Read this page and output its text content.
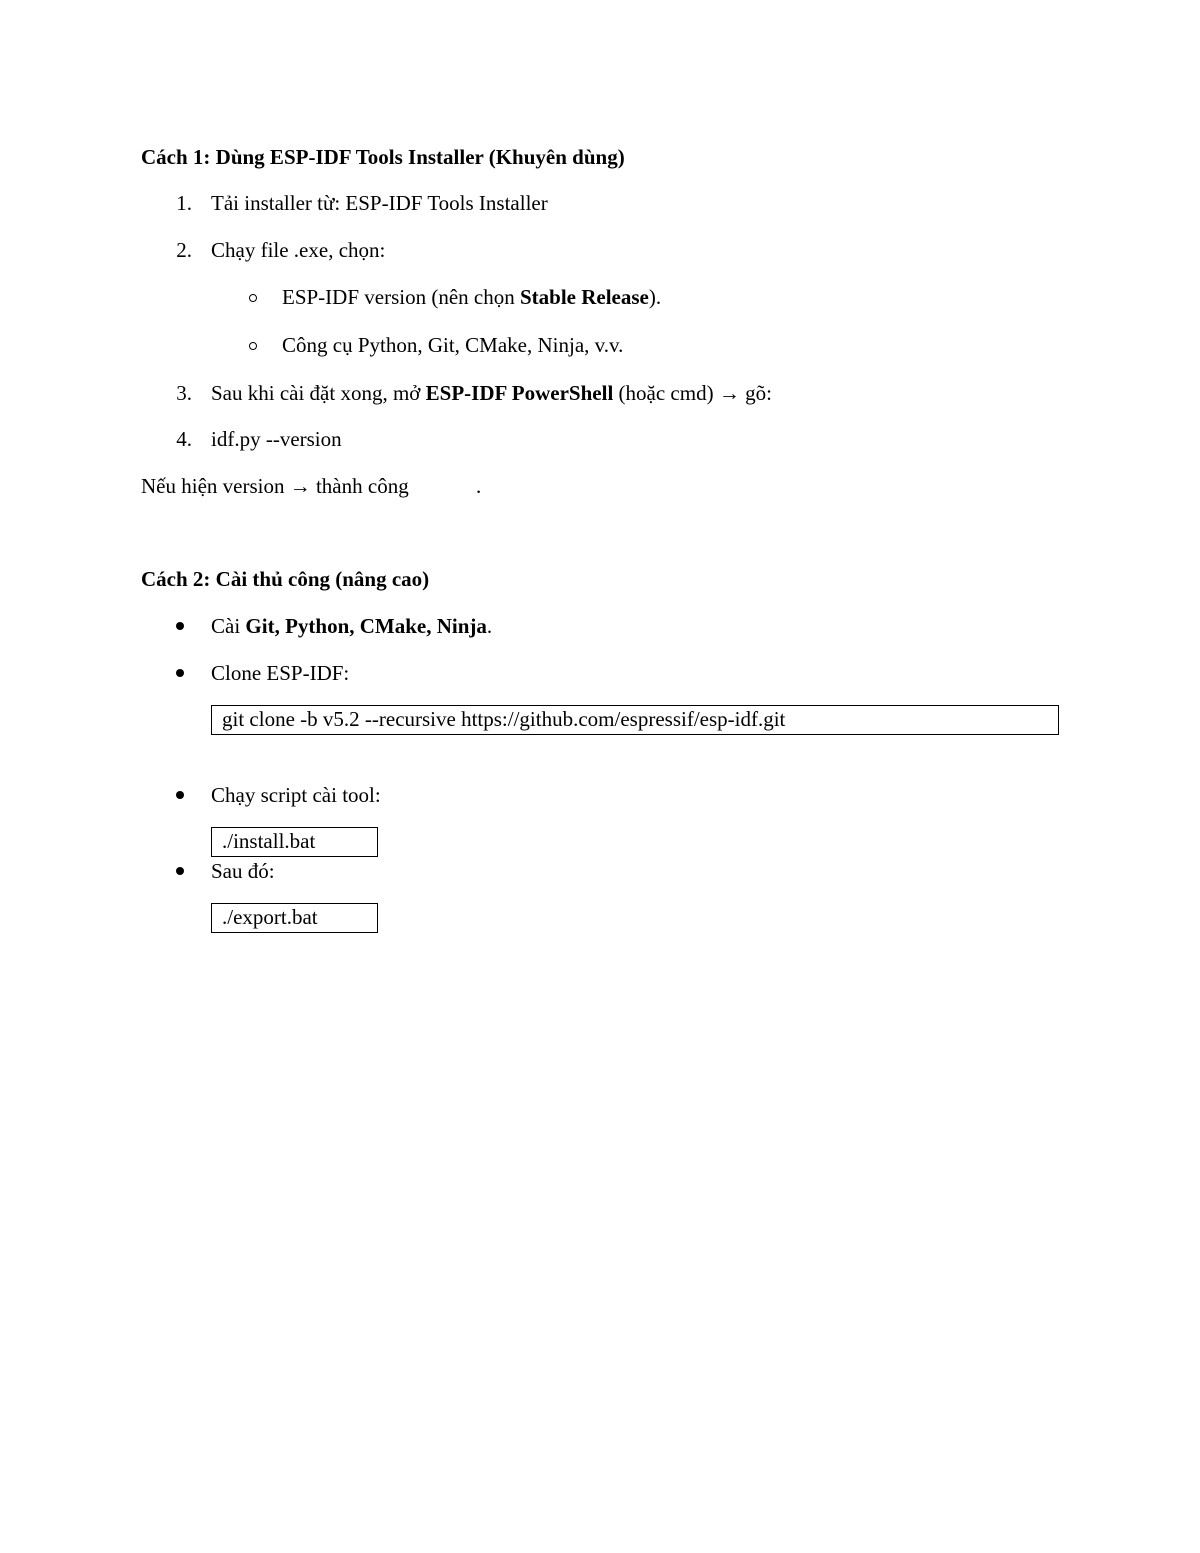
Cách 1: Dùng ESP-IDF Tools Installer (Khuyên dùng)
1. Tải installer từ: ESP-IDF Tools Installer
2. Chạy file .exe, chọn:
ESP-IDF version (nên chọn Stable Release).
Công cụ Python, Git, CMake, Ninja, v.v.
3. Sau khi cài đặt xong, mở ESP-IDF PowerShell (hoặc cmd) → gõ:
4. idf.py --version
Nếu hiện version → thành công	.
Cách 2: Cài thủ công (nâng cao)
Cài Git, Python, CMake, Ninja.
Clone ESP-IDF:
git clone -b v5.2 --recursive https://github.com/espressif/esp-idf.git
Chạy script cài tool:
./install.bat
Sau đó:
./export.bat
